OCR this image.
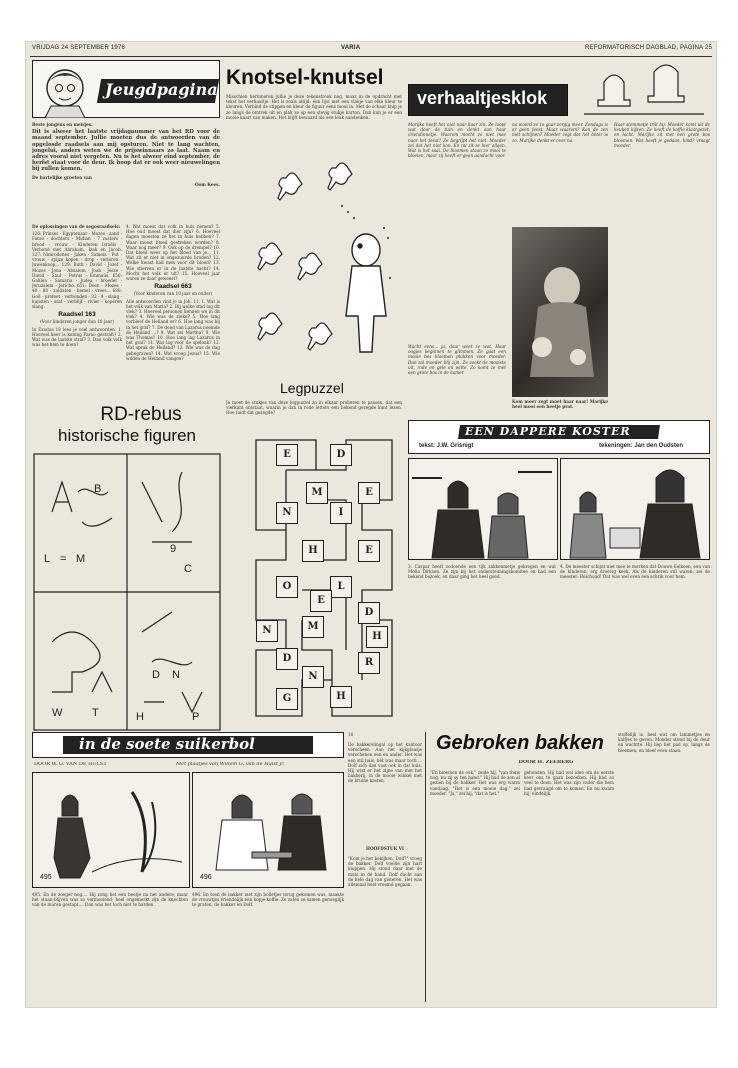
VRIJDAG 24 SEPTEMBER 1976	VARIA	REFORMATORISCH DAGBLAD, PAGINA 25
Jeugdpagina

Beste jongens en meisjes.

Dit is alweer het laatste vrijdagnummer van het RD voor de maand september. Jullie moeten dus de antwoorden van de opgelosde raadsels aan mij opsturen. Niet te lang wachten, jongelui, anders weten we de prijswinnaars zo laat. Naam en adres vooral niet vergeten. Nu is het alweer eind september, de herfst staat voor de deur. Ik hoop dat er ook weer nieuwelingen bij zullen komen.

De hartelijke groeten van

Oom Kees.

De oplossingen van de segosraadsels:

126: Prinses - Egyptenaar - Mozes - zand - Farao - dochters - Midian - 7 zusters - brood - vrouw - Kinderen Israëls - Verbond met Abraham, Izak en Jacob. 127: Nimrodenes - Jaken - Sameia - Put - vrouw - spijze kopen - drop - verloren - Juwenkoep... 129: Ruth - David - Jozef - Mozes - Jona - Absalom - Joab - Jesse - David - Saul - Petrus - Emmaüs. 650: Galilea - Samaria - Judea - broeder - Jeruzalem - Jericho. 651: Doen - Mozes - 40 - 80 - zoldaten - hemel - vrees... 680: God - profeet - verbonden - 32 - 4 - slang - kunsten - staf - verblijf - rivier - koperen slang.

Raadsel 163

(Voor kinderen jonger dan 10 jaar)

In Exodus 18 lees je veel antwoorden. 1. Hoeveel keer is koning Farao gestraft? 2. Wat was de laatste straf? 3. Dan volk volk was het hem te doen?

4. Wat moest dat volk in huis nemen? 5. Hoe oud moest dat dier zijn? 6. Hoeveel dagen moesten ze het in huis hebben? 7. Waar moest bloed gestreken worden? 8. Waar nog meer? 9. Ook op de drempel? 10. Dat bloed weer op het bloed van je... 11. Wat zit er niet in ongezuurde broden? 12. Welke kwast had men voor dit bloed? 13. Wie stierven er in de laatste nacht? 14. Mocht het volk er uit? 15. Hoeveel jaar waren ze daar geweest?

Raadsel 663

(Voor kinderen van 10 jaar en ouder)

Alle antwoorden vind je in Joh. 11. 1. Wat is het volk van Maria? 2. Bij welke stad lag dit vlek? 3. Hoeveel personen kennen we in dit vlek? 4. Wie was de zieke? 5. Hoe lang verbleef de Heiland er? 6. Hoe lang was hij in het graf? 7. De dood van Lazarus noemde de Heiland ...? 8. Wat zei Martha? 9. Wie was Thomas? 10. Hoe lang lag Lazarus in het graf? 11. Wat lag voor de spelonk? 12. Wat sprak de Heiland? 13. Wie was de dag gebegraven? 14. Wat vroeg Jezus? 15. Wie wilden de Heiland vangen?

Knotsel-knutsel
Misschien herinneren jullie je deze tekenstrook nog, maar in de opdracht met tekst het verhaaltje. Het is zoals altijd: een lijst met een vlakje van elke kleur te kleuren. Verbind de stippen en kleur de figuur eens mooi in. Met de schaar knip je ze langs de omtrek uit en plak ze op een stevig stukje karton. Dan kun je er een mooie kaart van maken. Het blijft bewaard als een leuk aandenken.
Legpuzzel
Je moet de stukjes van deze legpuzzel zo in elkaar proberen te passen, dat een vierkant ontstaat, waarin je dan in rode letters een bekend gezegde kunt lezen. Hoe luidt dat gezegde?
E	D
E
N	I
H	E
O	L
D
M
D	R
H
G
N
N
H
M
E
RD-rebus
historische figuren
L = M
B
C
9
D N
H	P
W	T
verhaaltjesklok
Marijke heeft het niet naar haar zin. Ze loopt wat door de tuin en denkt aan haar vriendinnetje. Waarom mocht ze niet mee naar het feest? Ze begrijpt het niet. Moeder zei dat het niet kon. En nu zit ze hier alleen. Wat is het saai. De bloemen staan zo mooi te bloeien, maar zij heeft er geen aandacht voor.
Wacht eens... ja, daar weet ze wat. Haar oogjes beginnen te glimmen. Ze gaat een mooie bos bloemen plukken voor moeder. Dan zal moeder blij zijn. Ze zoekt de mooiste uit, rode en gele en witte. Zo komt ze met een grote bos in de kamer.
na woord ze zo gaar zorgig meer. Zondags is er geen feest. Maar waarom? Kan de zon niet schijnen? Moeder zegt dat het beter is zo. Marijke denkt er over na.
Kom moer zegt moet haar naar! Marijke heel mooi een heetje prat.
Haar stemmetje trilt bij: Moeder komt uit de keuken kijken. Ze heeft de koffie klaargezet, en lacht: Marijke zit met een grote bos bloemen. Wat heeft je gedaan, kind? vraagt moeder.
EEN DAPPERE KOSTER
tekst: J.W. Grisnigt	tekeningen: Jan den Oudsten
3. Caspar heeft zodoende een tijk zakkenmetje gekregen en wat Molla Dirksen. Ze zijn bij het ondersteuningskomitee en had een bekend bezoek, en daar ging het heel goed.
4. De meester schijnt niet mee te merken dat Douwe Eelkeen, een van de kinderen, erg droevig keek. Als de kinderen stil waren, zei de meester: Reichoud! Dat was wel even een schrik voor hem.
in de soete suikerbol
DOOR W. G. VAN DE HULST	Met plaatjes van Willem G. van de Hulst jr.
495	496
495. En de zoeger nog.... Hij zong het een beetje na het andere; maar het staan-blijven was zo vermoeiend; heel ongemerkt zijn de knechten van de muren gestapt.... Dan was het toch niet te harden.
496. En toen de bakker met zijn bolletjes terug gekomen was, maakte de vrouwtjes vriendelijk een kopje koffie. Zo zaten ze samen genoeglijk te praten, de bakker en Dolf.
16
De bakkerslingal op het kantoor verscheen. Aan het kijkglaasje verschenen een en ander. Het was een stil huis, het was maar toch ... Dolf zich dan vast ook in dat huis. Hij wist er het zijne van met het bakkerij, in de mooie winkel met de bruine kasten.
HOOFDSTUK VI
"Kom je het bekijken, Dolf?" vroeg de bakker. Dolf voelde zijn hart kloppen. Hij stond daar met de muts in de hand. Dolf dacht aan de hele dag van gisteren. Het was allemaal heel vreemd gegaan.
Gebroken bakken
DOOR H. ZEEBERG
"En bloemen de ook," zeide hij, "van thuis nog, nu zij sy ten hand." Hij had de zon al gezien bij de bakker. Het was erg warm vandaag. "Het is een mooie dag," zei moeder. "Ja," zei hij, "dat is het."
gebonden. Hij had wel idee om de eerste keer ons te gaan bezoeken. Hij had zo veel te doen. Het was zijn vader die hem had gevraagd om te komen. En nu kwam hij, eindelijk.
stoffelijk is, heel wat om lammetjes en kalfjes te geven. Moeder stond bij de deur en wachtte. Hij liep het pad op, langs de bloemen, en bleef even staan.
